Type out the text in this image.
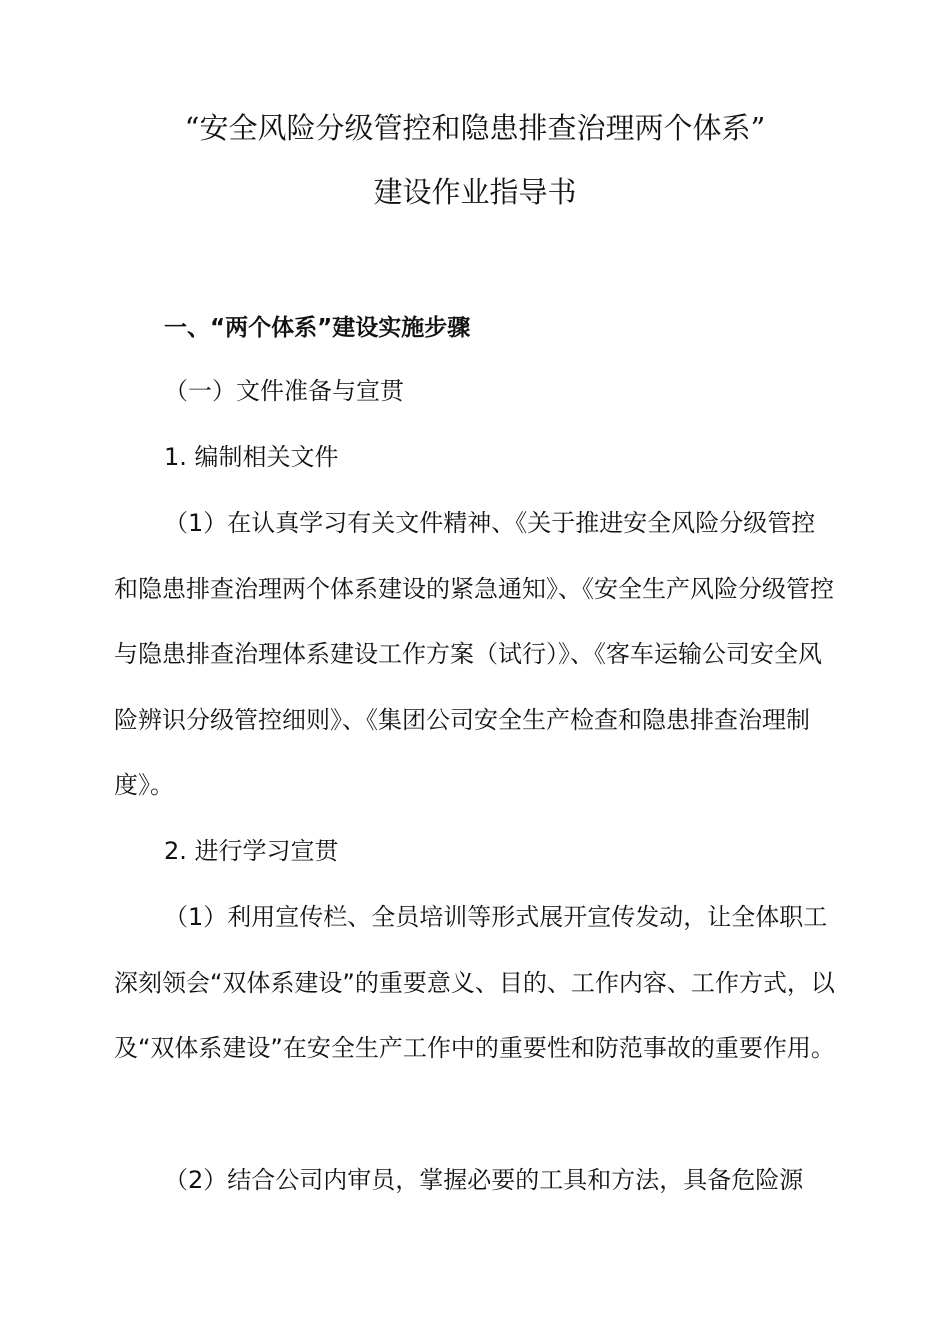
“安全风险分级管控和隐患排查治理两个体系”
建设作业指导书

一、“两个体系”建设实施步骤

（一）文件准备与宣贯

1. 编制相关文件

（1）在认真学习有关文件精神、《关于推进安全风险分级管控和隐患排查治理两个体系建设的紧急通知》、《安全生产风险分级管控与隐患排查治理体系建设工作方案（试行）》、《客车运输公司安全风险辨识分级管控细则》、《集团公司安全生产检查和隐患排查治理制度》。

2. 进行学习宣贯

（1）利用宣传栏、全员培训等形式展开宣传发动，让全体职工深刻领会“双体系建设”的重要意义、目的、工作内容、工作方式，以及“双体系建设”在安全生产工作中的重要性和防范事故的重要作用。

（2）结合公司内审员，掌握必要的工具和方法，具备危险源
